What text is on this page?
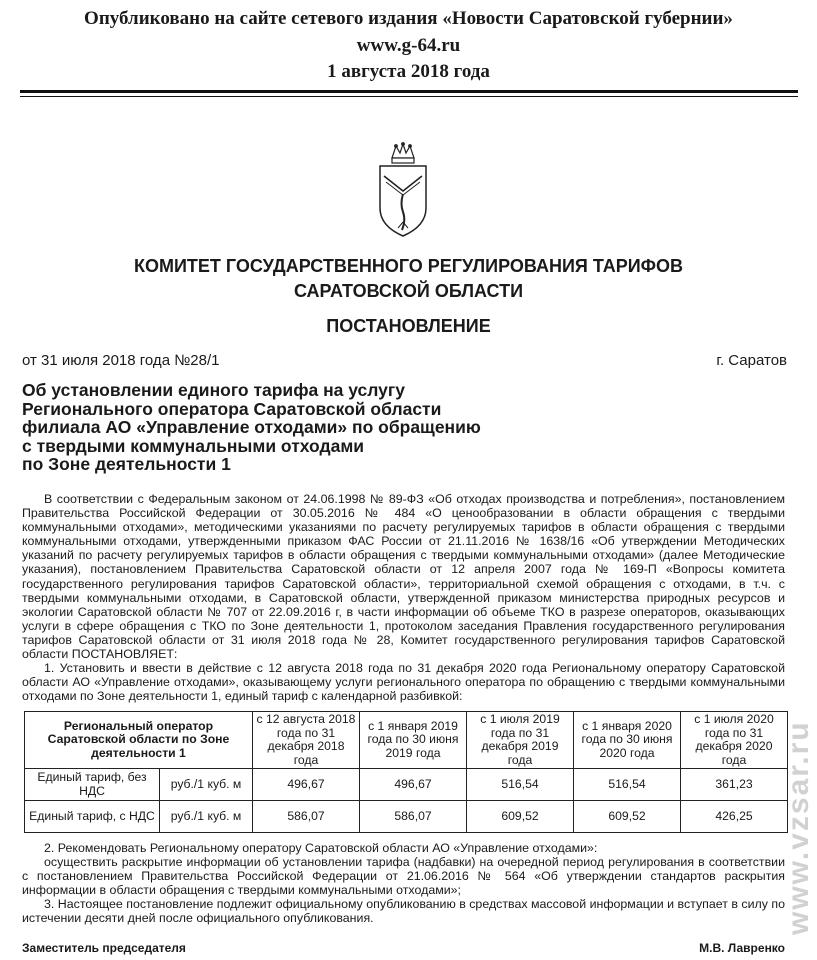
Опубликовано на сайте сетевого издания «Новости Саратовской губернии»
www.g-64.ru
1 августа 2018 года
КОМИТЕТ ГОСУДАРСТВЕННОГО РЕГУЛИРОВАНИЯ ТАРИФОВ
САРАТОВСКОЙ ОБЛАСТИ
ПОСТАНОВЛЕНИЕ
от 31 июля 2018 года №28/1	г. Саратов
Об установлении единого тарифа на услугу
Регионального оператора Саратовской области
филиала АО «Управление отходами» по обращению
с твердыми коммунальными отходами
по Зоне деятельности 1

В соответствии с Федеральным законом от 24.06.1998 № 89-ФЗ «Об отходах производства и потребления», постановлением Правительства Российской Федерации от 30.05.2016 № 484 «О ценообразовании в области обращения с твердыми коммунальными отходами», методическими указаниями по расчету регулируемых тарифов в области обращения с твердыми коммунальными отходами, утвержденными приказом ФАС России от 21.11.2016 № 1638/16 «Об утверждении Методических указаний по расчету регулируемых тарифов в области обращения с твердыми коммунальными отходами» (далее Методические указания), постановлением Правительства Саратовской области от 12 апреля 2007 года № 169-П «Вопросы комитета государственного регулирования тарифов Саратовской области», территориальной схемой обращения с отходами, в т.ч. с твердыми коммунальными отходами, в Саратовской области, утвержденной приказом министерства природных ресурсов и экологии Саратовской области № 707 от 22.09.2016 г, в части информации об объеме ТКО в разрезе операторов, оказывающих услуги в сфере обращения с ТКО по Зоне деятельности 1, протоколом заседания Правления государственного регулирования тарифов Саратовской области от 31 июля 2018 года № 28, Комитет государственного регулирования тарифов Саратовской области ПОСТАНОВЛЯЕТ:

1. Установить и ввести в действие с 12 августа 2018 года по 31 декабря 2020 года Региональному оператору Саратовской области АО «Управление отходами», оказывающему услуги регионального оператора по обращению с твердыми коммунальными отходами по Зоне деятельности 1, единый тариф с календарной разбивкой:

Региональный оператор Саратовской области по Зоне деятельности 1		с 12 августа 2018 года по 31 декабря 2018 года	с 1 января 2019 года по 30 июня 2019 года	с 1 июля 2019 года по 31 декабря 2019 года	с 1 января 2020 года по 30 июня 2020 года	с 1 июля 2020 года по 31 декабря 2020 года
Единый тариф, без НДС	руб./1 куб. м	496,67	496,67	516,54	516,54	361,23
Единый тариф, с НДС	руб./1 куб. м	586,07	586,07	609,52	609,52	426,25

2. Рекомендовать Региональному оператору Саратовской области АО «Управление отходами»:

осуществить раскрытие информации об установлении тарифа (надбавки) на очередной период регулирования в соответствии с постановлением Правительства Российской Федерации от 21.06.2016 № 564 «Об утверждении стандартов раскрытия информации в области обращения с твердыми коммунальными отходами»;

3. Настоящее постановление подлежит официальному опубликованию в средствах массовой информации и вступает в силу по истечении десяти дней после официального опубликования.

Заместитель председателя	М.В. Лавренко
www.vzsar.ru
